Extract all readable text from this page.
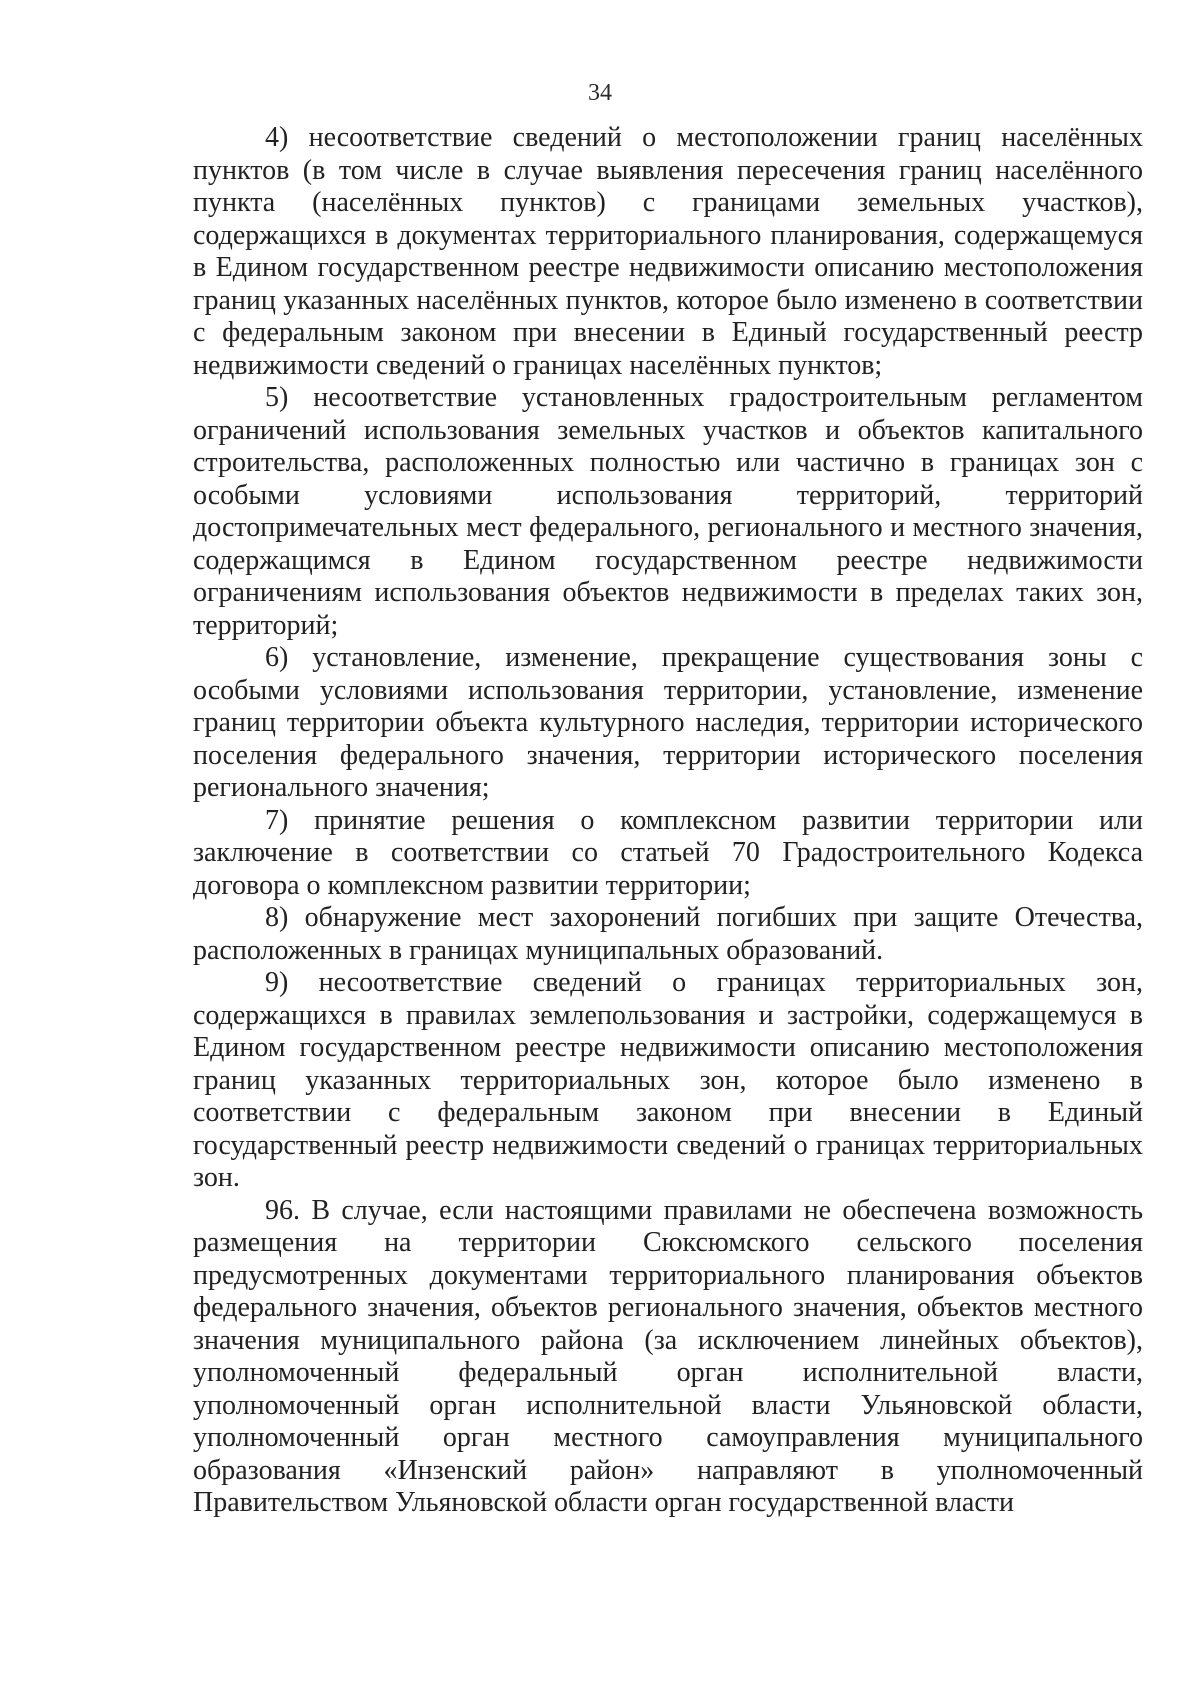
34

4) несоответствие сведений о местоположении границ населённых пунктов (в том числе в случае выявления пересечения границ населённого пункта (населённых пунктов) с границами земельных участков), содержащихся в документах территориального планирования, содержащемуся в Едином государственном реестре недвижимости описанию местоположения границ указанных населённых пунктов, которое было изменено в соответствии с федеральным законом при внесении в Единый государственный реестр недвижимости сведений о границах населённых пунктов;

5) несоответствие установленных градостроительным регламентом ограничений использования земельных участков и объектов капитального строительства, расположенных полностью или частично в границах зон с особыми условиями использования территорий, территорий достопримечательных мест федерального, регионального и местного значения, содержащимся в Едином государственном реестре недвижимости ограничениям использования объектов недвижимости в пределах таких зон, территорий;

6) установление, изменение, прекращение существования зоны с особыми условиями использования территории, установление, изменение границ территории объекта культурного наследия, территории исторического поселения федерального значения, территории исторического поселения регионального значения;

7) принятие решения о комплексном развитии территории или заключение в соответствии со статьей 70 Градостроительного Кодекса договора о комплексном развитии территории;

8) обнаружение мест захоронений погибших при защите Отечества, расположенных в границах муниципальных образований.

9) несоответствие сведений о границах территориальных зон, содержащихся в правилах землепользования и застройки, содержащемуся в Едином государственном реестре недвижимости описанию местоположения границ указанных территориальных зон, которое было изменено в соответствии с федеральным законом при внесении в Единый государственный реестр недвижимости сведений о границах территориальных зон.

96. В случае, если настоящими правилами не обеспечена возможность размещения на территории Сюксюмского сельского поселения предусмотренных документами территориального планирования объектов федерального значения, объектов регионального значения, объектов местного значения муниципального района (за исключением линейных объектов), уполномоченный федеральный орган исполнительной власти, уполномоченный орган исполнительной власти Ульяновской области, уполномоченный орган местного самоуправления муниципального образования «Инзенский район» направляют в уполномоченный Правительством Ульяновской области орган государственной власти
